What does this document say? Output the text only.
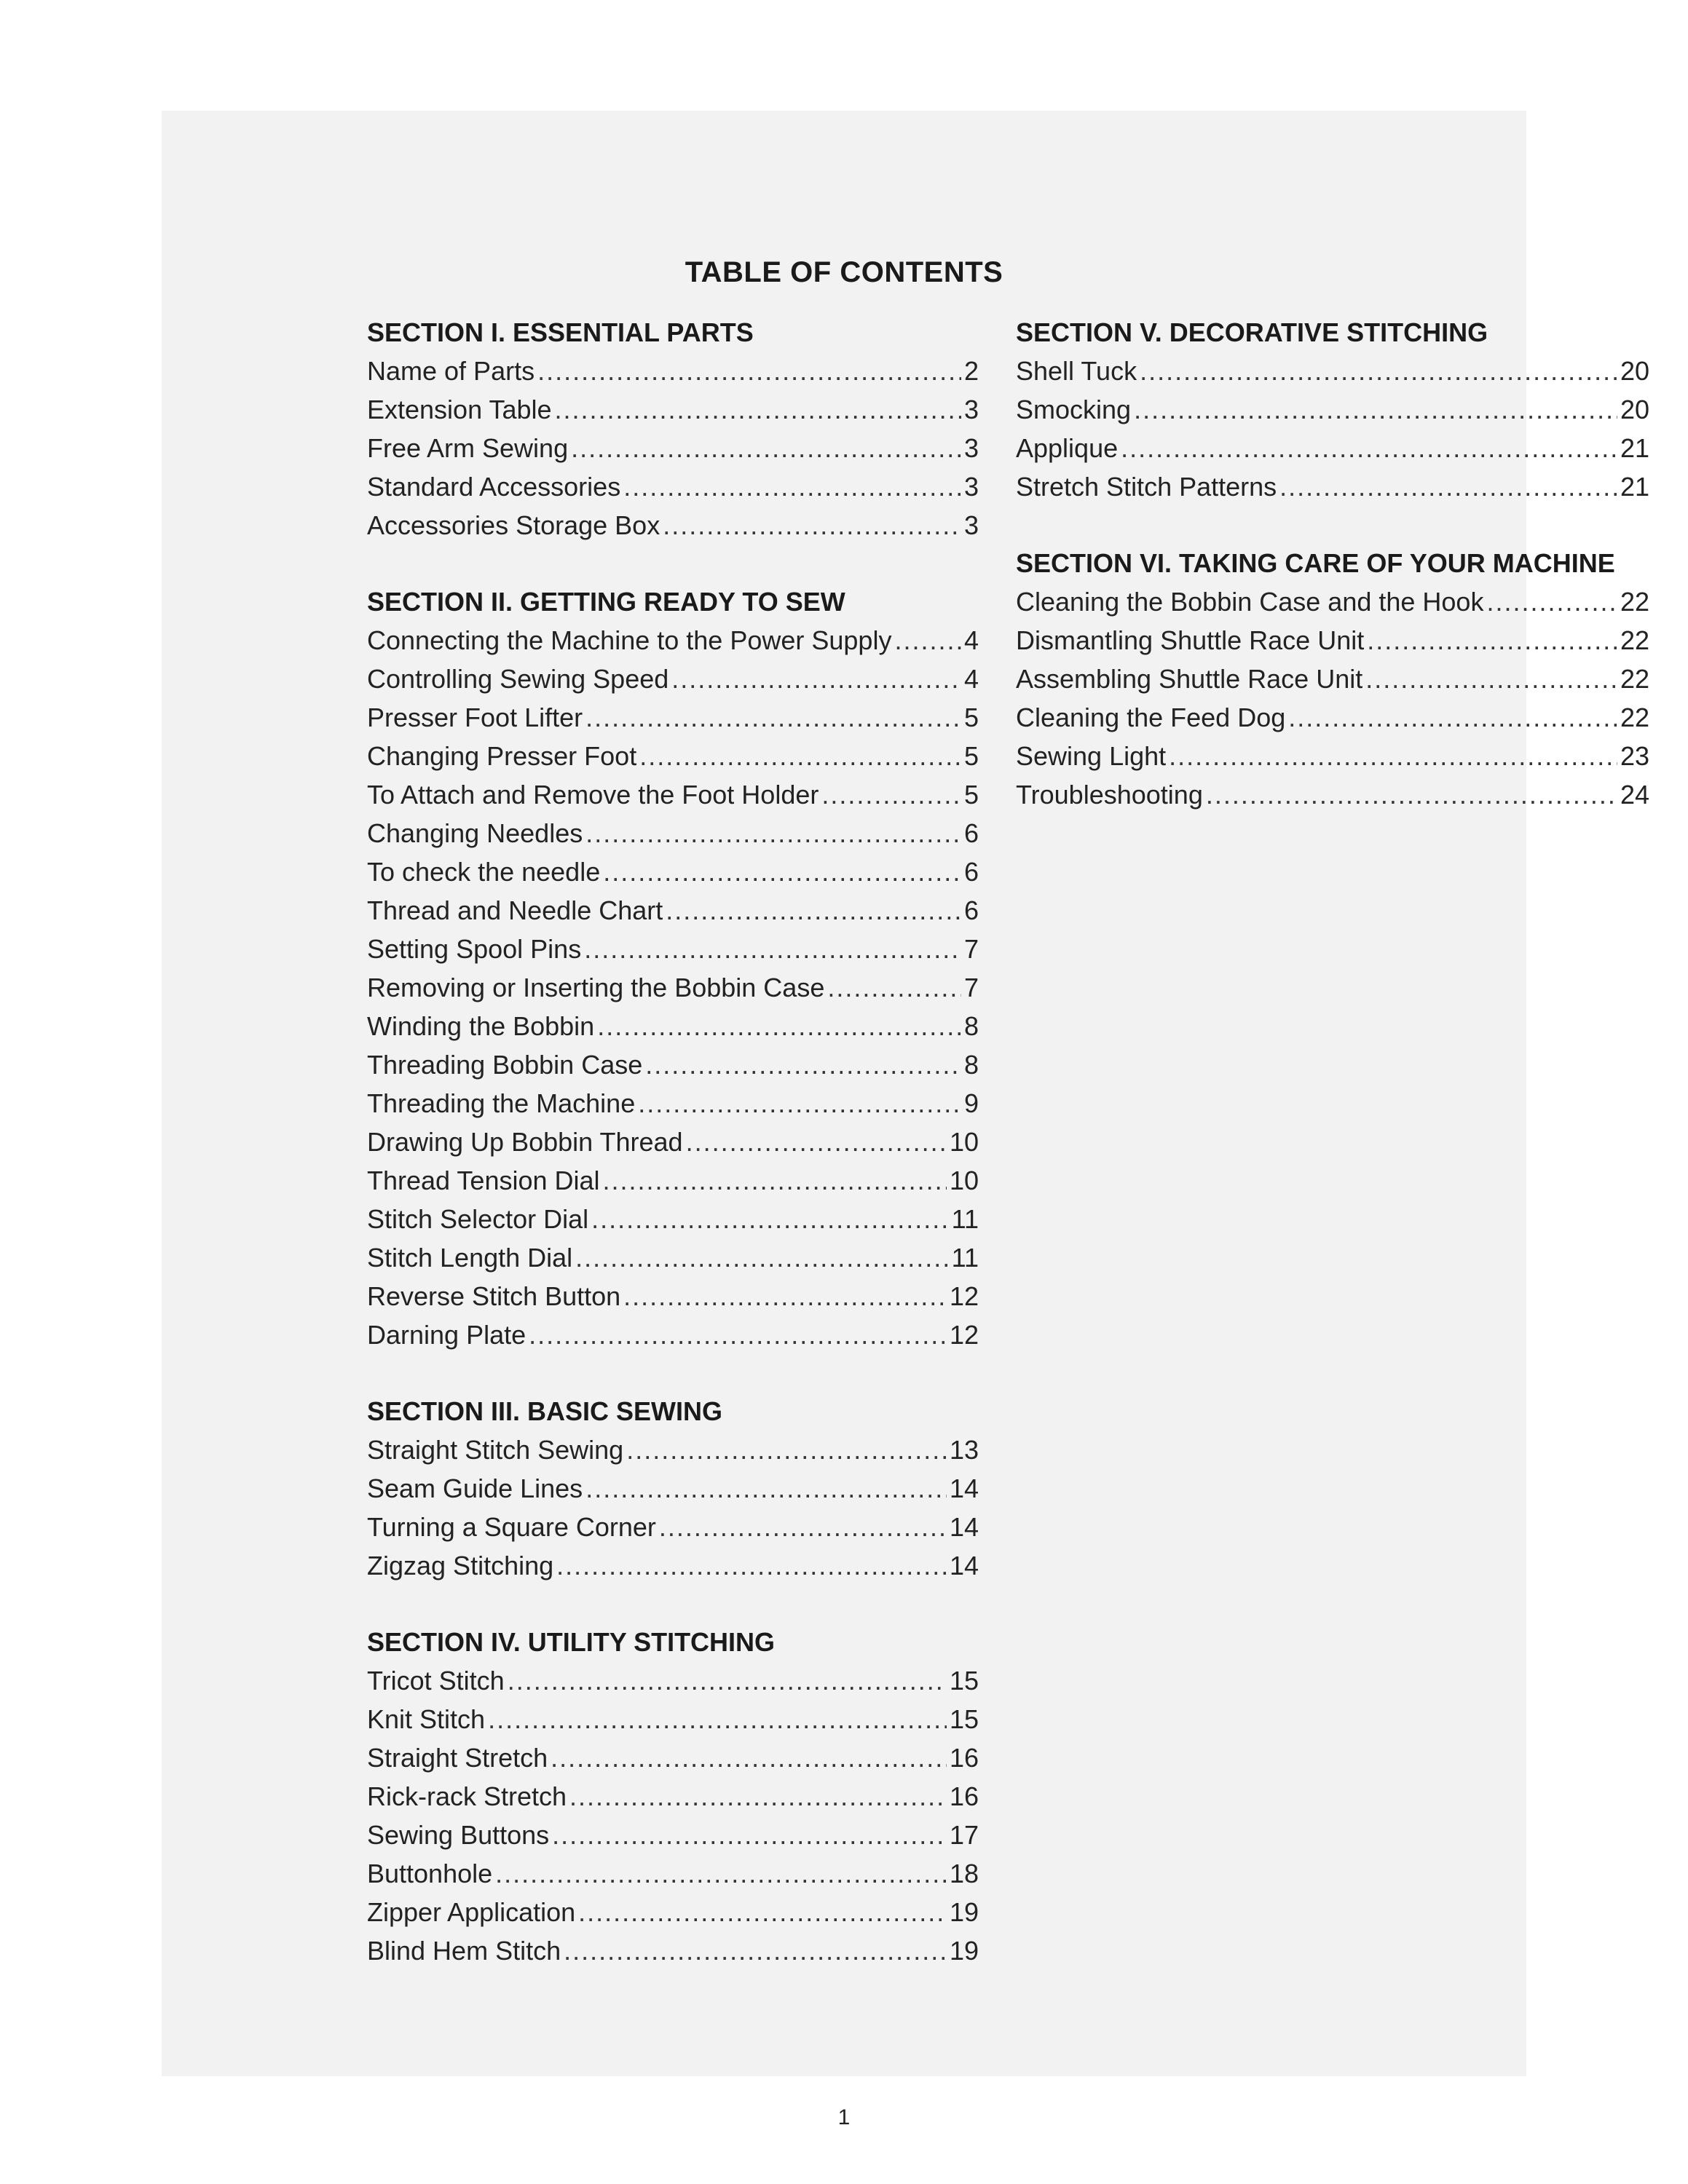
TABLE OF CONTENTS
SECTION I. ESSENTIAL PARTS
Name of Parts .....	2
Extension Table .....	3
Free Arm Sewing .....	3
Standard Accessories .....	3
Accessories Storage Box .....	3
SECTION II. GETTING READY TO SEW
Connecting the Machine to the Power Supply .....	4
Controlling Sewing Speed .....	4
Presser Foot Lifter .....	5
Changing Presser Foot .....	5
To Attach and Remove the Foot Holder .....	5
Changing Needles .....	6
To check the needle .....	6
Thread and Needle Chart .....	6
Setting Spool Pins .....	7
Removing or Inserting the Bobbin Case .....	7
Winding the Bobbin .....	8
Threading Bobbin Case .....	8
Threading the Machine .....	9
Drawing Up Bobbin Thread .....	10
Thread Tension Dial .....	10
Stitch Selector Dial .....	11
Stitch Length Dial .....	11
Reverse Stitch Button .....	12
Darning Plate .....	12
SECTION III. BASIC SEWING
Straight Stitch Sewing .....	13
Seam Guide Lines .....	14
Turning a Square Corner .....	14
Zigzag Stitching .....	14
SECTION IV. UTILITY STITCHING
Tricot Stitch .....	15
Knit Stitch .....	15
Straight Stretch .....	16
Rick-rack Stretch .....	16
Sewing Buttons .....	17
Buttonhole .....	18
Zipper Application .....	19
Blind Hem Stitch .....	19
SECTION V. DECORATIVE STITCHING
Shell Tuck .....	20
Smocking .....	20
Applique .....	21
Stretch Stitch Patterns .....	21
SECTION VI. TAKING CARE OF YOUR MACHINE
Cleaning the Bobbin Case and the Hook .....	22
Dismantling Shuttle Race Unit .....	22
Assembling Shuttle Race Unit .....	22
Cleaning the Feed Dog .....	22
Sewing Light .....	23
Troubleshooting .....	24
1
